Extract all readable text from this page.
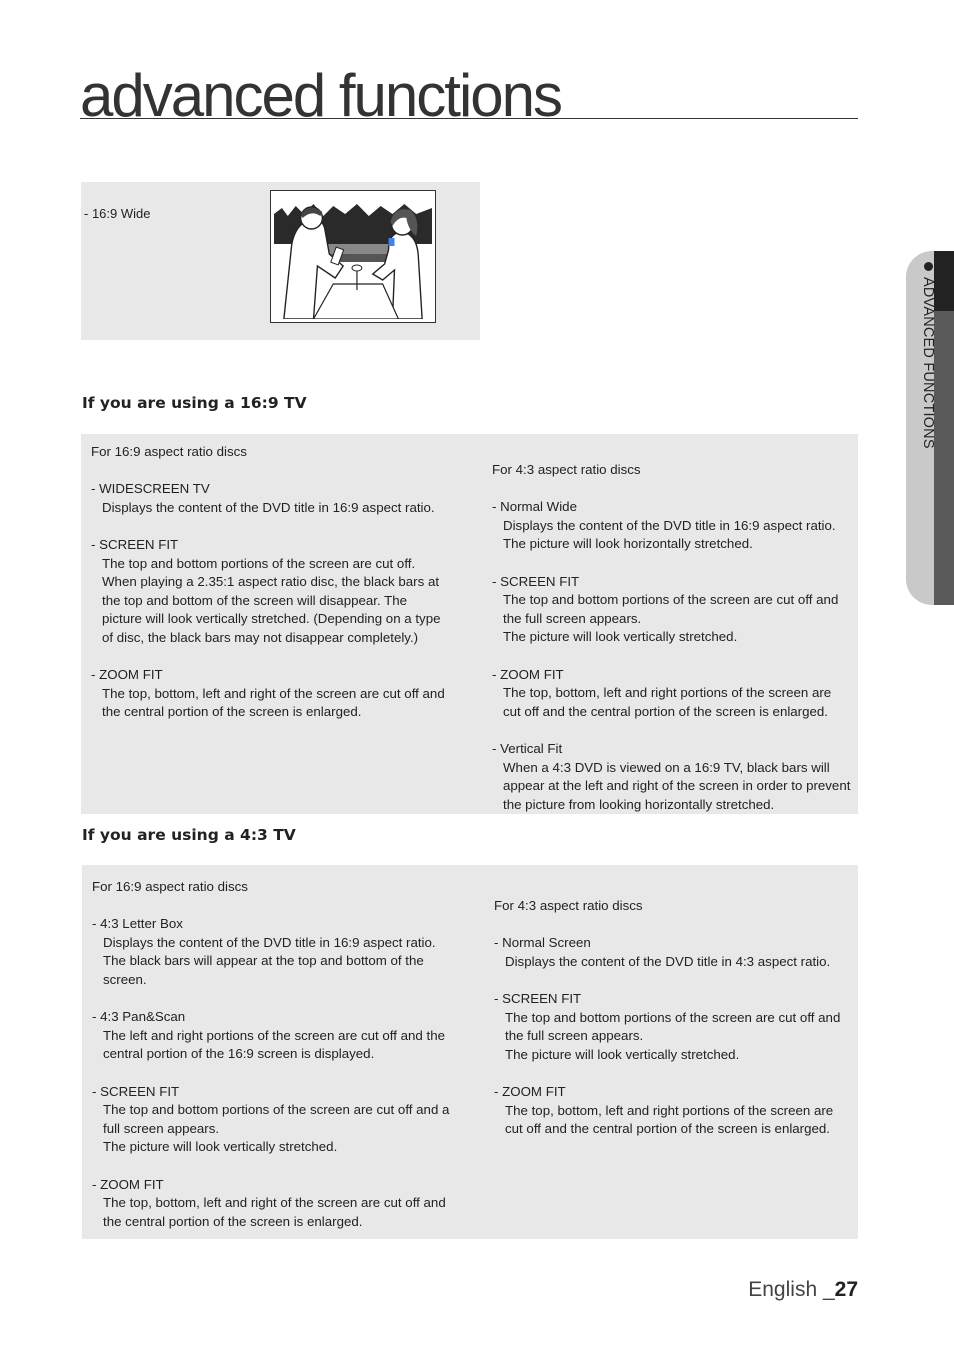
advanced functions
- 16:9 Wide
If you are using a 16:9 TV
For 16:9 aspect ratio discs
- WIDESCREEN TV
Displays the content of the DVD title in 16:9 aspect ratio.
- SCREEN FIT
The top and bottom portions of the screen are cut off.
When playing a 2.35:1 aspect ratio disc, the black bars at
the top and bottom of the screen will disappear. The
picture will look vertically stretched. (Depending on a type
of disc, the black bars may not disappear completely.)
- ZOOM FIT
The top, bottom, left and right of the screen are cut off and
the central portion of the screen is enlarged.
For 4:3 aspect ratio discs
- Normal Wide
Displays the content of the DVD title in 16:9 aspect ratio.
The picture will look horizontally stretched.
- SCREEN FIT
The top and bottom portions of the screen are cut off and
the full screen appears.
The picture will look vertically stretched.
- ZOOM FIT
The top, bottom, left and right portions of the screen are
cut off and the central portion of the screen is enlarged.
- Vertical Fit
When a 4:3 DVD is viewed on a 16:9 TV, black bars will
appear at the left and right of the screen in order to prevent
the picture from looking horizontally stretched.
If you are using a 4:3 TV
For 16:9 aspect ratio discs
- 4:3 Letter Box
Displays the content of the DVD title in 16:9 aspect ratio.
The black bars will appear at the top and bottom of the
screen.
- 4:3 Pan&Scan
The left and right portions of the screen are cut off and the
central portion of the 16:9 screen is displayed.
- SCREEN FIT
The top and bottom portions of the screen are cut off and a
full screen appears.
The picture will look vertically stretched.
- ZOOM FIT
The top, bottom, left and right of the screen are cut off and
the central portion of the screen is enlarged.
For 4:3 aspect ratio discs
- Normal Screen
Displays the content of the DVD title in 4:3 aspect ratio.
- SCREEN FIT
The top and bottom portions of the screen are cut off and
the full screen appears.
The picture will look vertically stretched.
- ZOOM FIT
The top, bottom, left and right portions of the screen are
cut off and the central portion of the screen is enlarged.
ADVANCED FUNCTIONS
English _27
